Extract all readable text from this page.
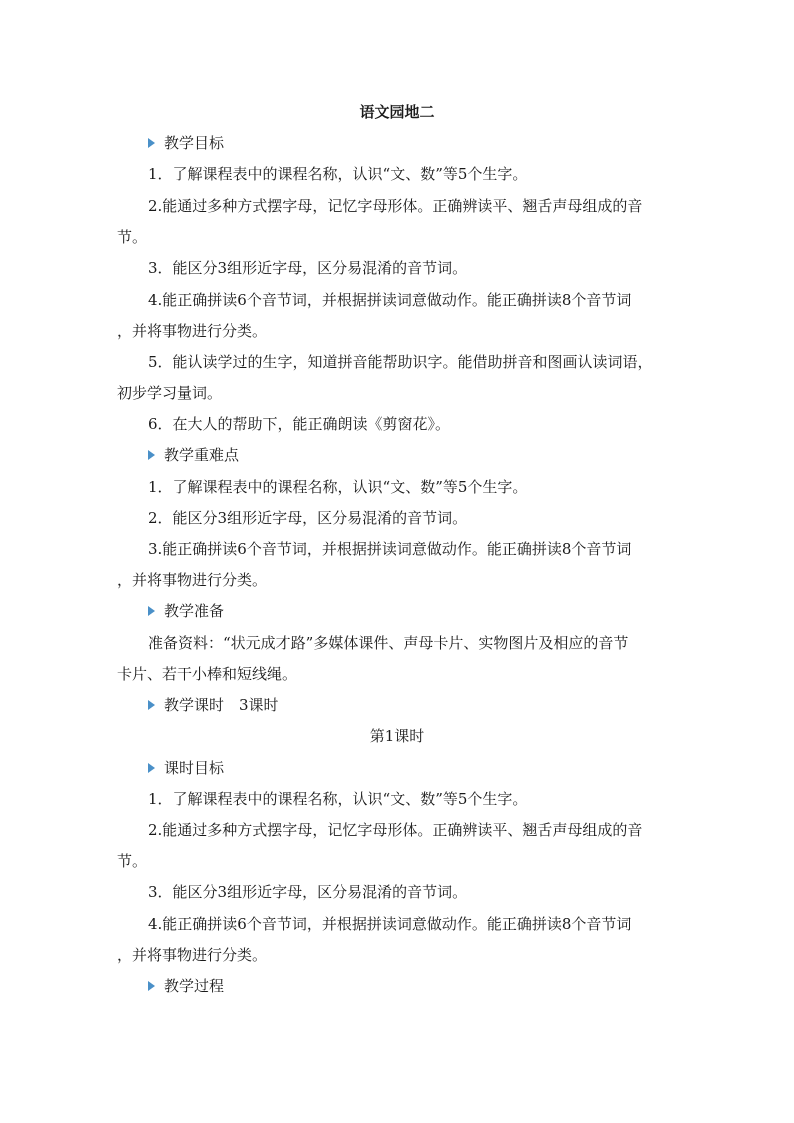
语文园地二
教学目标
1．了解课程表中的课程名称，认识“文、数”等5个生字。
2.能通过多种方式摆字母，记忆字母形体。正确辨读平、翘舌声母组成的音
节。
3．能区分3组形近字母，区分易混淆的音节词。
4.能正确拼读6个音节词，并根据拼读词意做动作。能正确拼读8个音节词
，并将事物进行分类。
5．能认读学过的生字，知道拼音能帮助识字。能借助拼音和图画认读词语，
初步学习量词。
6．在大人的帮助下，能正确朗读《剪窗花》。
教学重难点
1．了解课程表中的课程名称，认识“文、数”等5个生字。
2．能区分3组形近字母，区分易混淆的音节词。
3.能正确拼读6个音节词，并根据拼读词意做动作。能正确拼读8个音节词
，并将事物进行分类。
教学准备
准备资料：“状元成才路”多媒体课件、声母卡片、实物图片及相应的音节
卡片、若干小棒和短线绳。
教学课时　3课时
第1课时
课时目标
1．了解课程表中的课程名称，认识“文、数”等5个生字。
2.能通过多种方式摆字母，记忆字母形体。正确辨读平、翘舌声母组成的音
节。
3．能区分3组形近字母，区分易混淆的音节词。
4.能正确拼读6个音节词，并根据拼读词意做动作。能正确拼读8个音节词
，并将事物进行分类。
教学过程
